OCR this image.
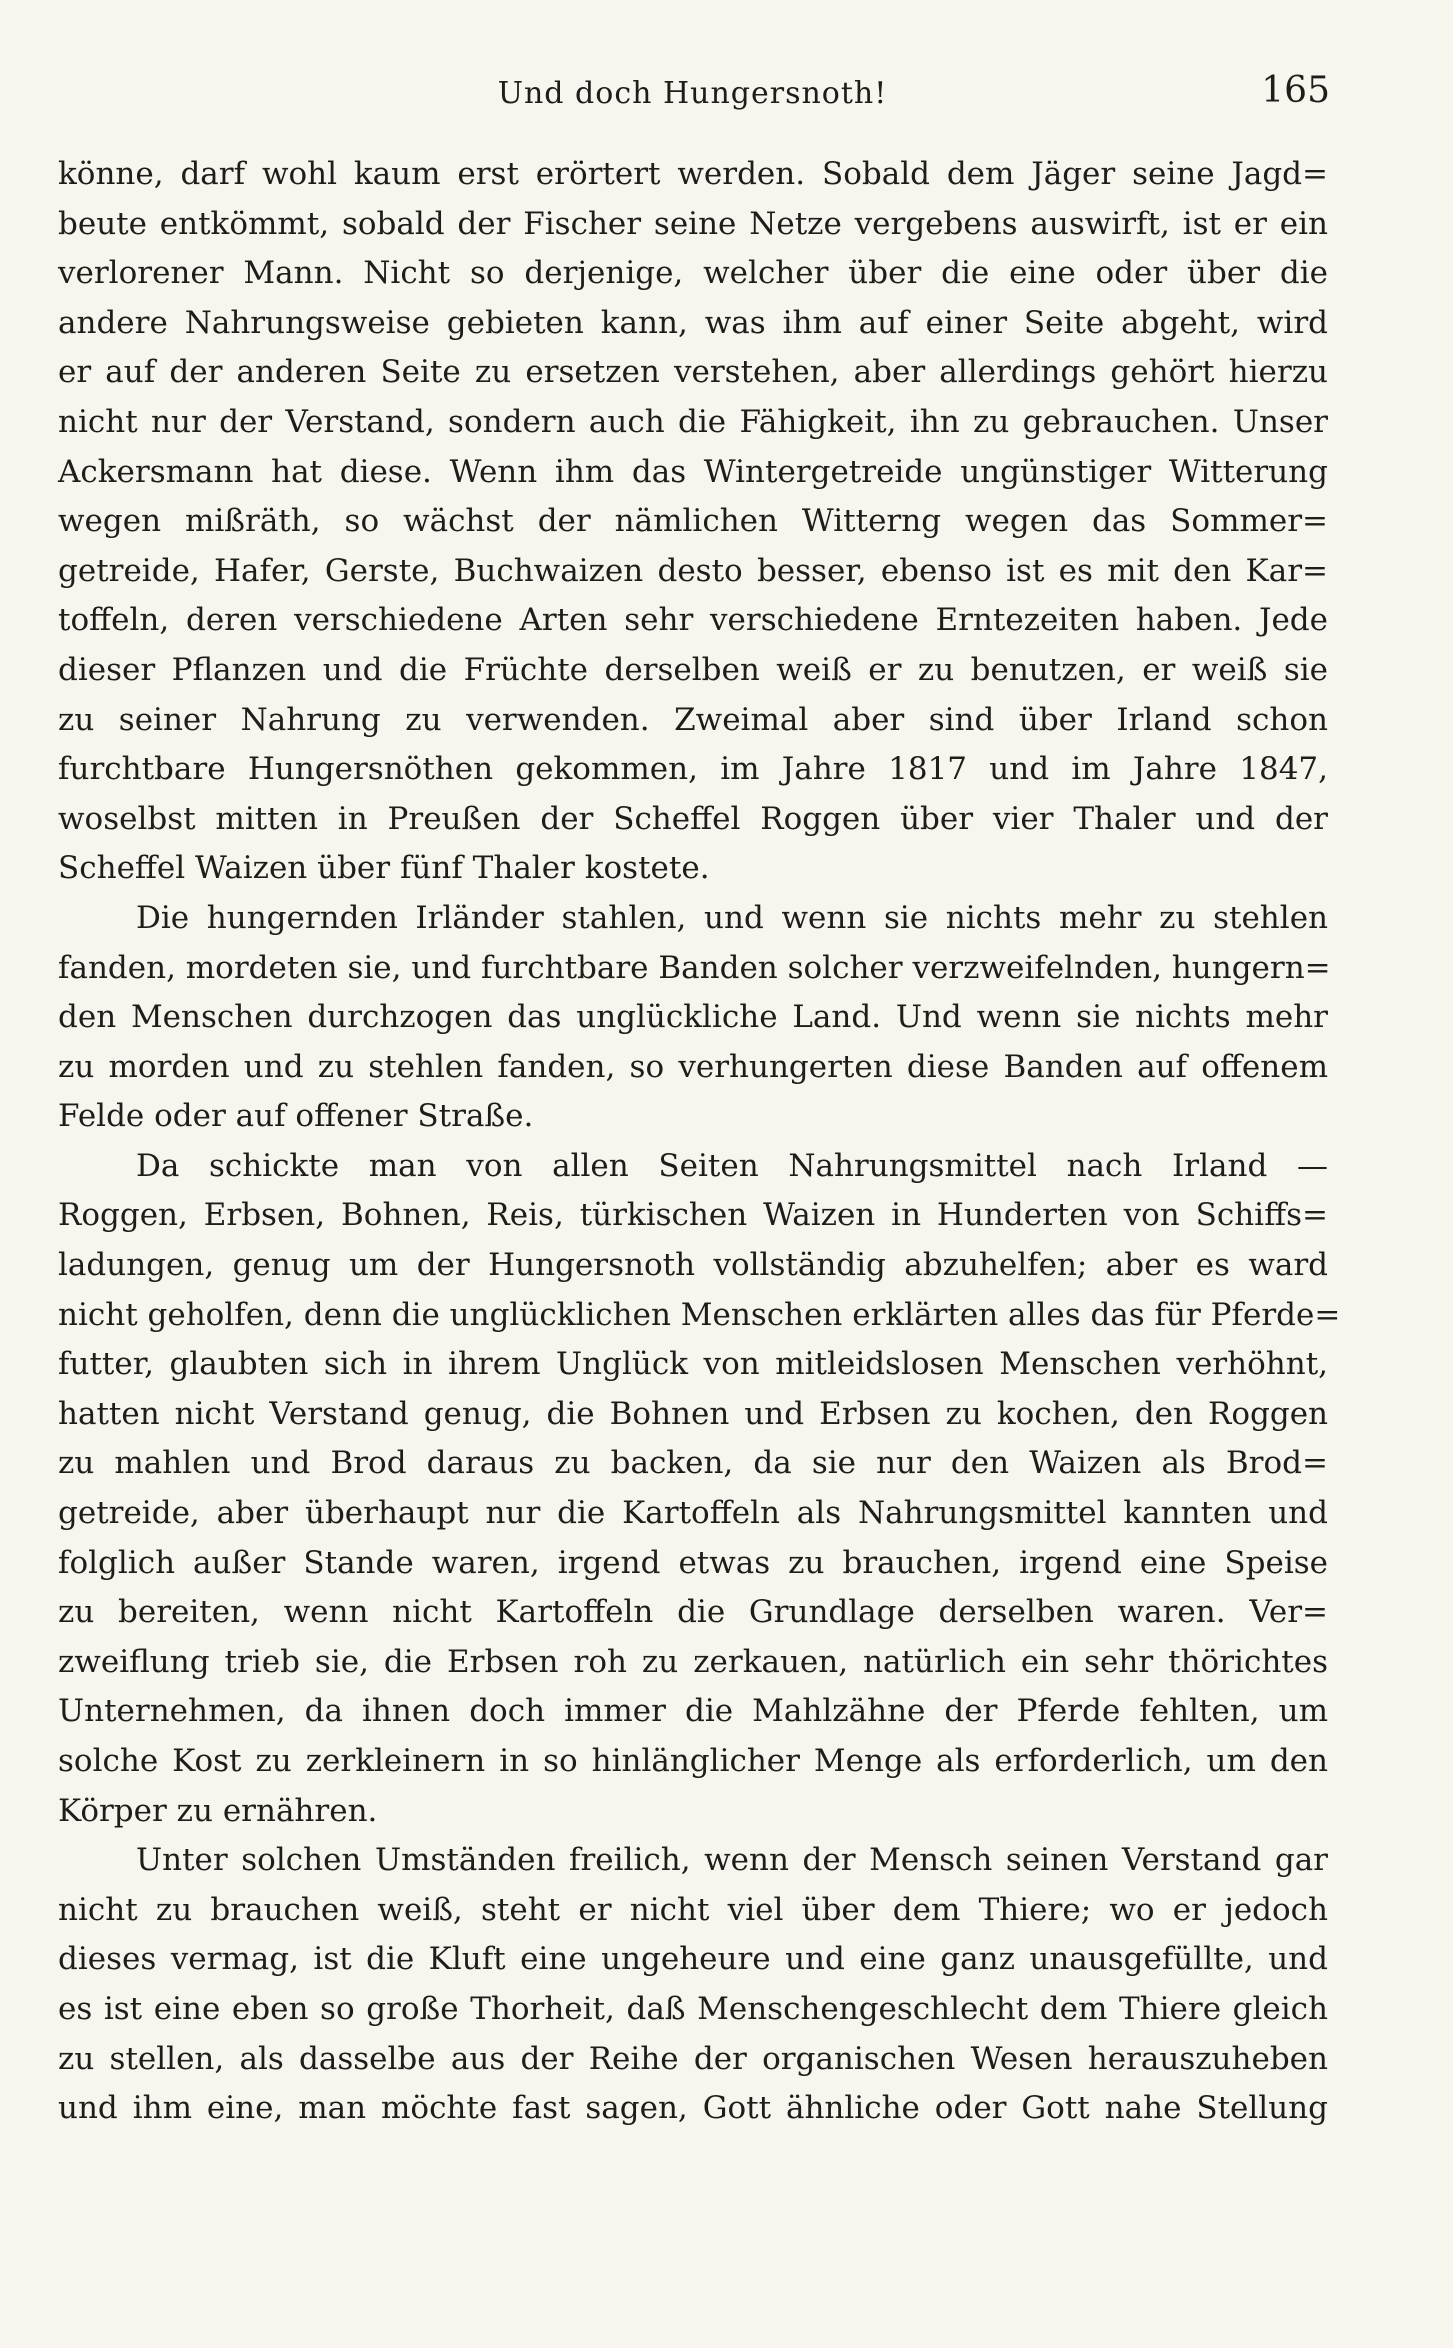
Und doch Hungersnoth!	165
könne, darf wohl kaum erst erörtert werden. Sobald dem Jäger seine Jagd=
beute entkömmt, sobald der Fischer seine Netze vergebens auswirft, ist er ein
verlorener Mann. Nicht so derjenige, welcher über die eine oder über die
andere Nahrungsweise gebieten kann, was ihm auf einer Seite abgeht, wird
er auf der anderen Seite zu ersetzen verstehen, aber allerdings gehört hierzu
nicht nur der Verstand, sondern auch die Fähigkeit, ihn zu gebrauchen. Unser
Ackersmann hat diese. Wenn ihm das Wintergetreide ungünstiger Witterung
wegen mißräth, so wächst der nämlichen Witterng wegen das Sommer=
getreide, Hafer, Gerste, Buchwaizen desto besser, ebenso ist es mit den Kar=
toffeln, deren verschiedene Arten sehr verschiedene Erntezeiten haben. Jede
dieser Pflanzen und die Früchte derselben weiß er zu benutzen, er weiß sie
zu seiner Nahrung zu verwenden. Zweimal aber sind über Irland schon
furchtbare Hungersnöthen gekommen, im Jahre 1817 und im Jahre 1847,
woselbst mitten in Preußen der Scheffel Roggen über vier Thaler und der
Scheffel Waizen über fünf Thaler kostete.
Die hungernden Irländer stahlen, und wenn sie nichts mehr zu stehlen
fanden, mordeten sie, und furchtbare Banden solcher verzweifelnden, hungern=
den Menschen durchzogen das unglückliche Land. Und wenn sie nichts mehr
zu morden und zu stehlen fanden, so verhungerten diese Banden auf offenem
Felde oder auf offener Straße.
Da schickte man von allen Seiten Nahrungsmittel nach Irland —
Roggen, Erbsen, Bohnen, Reis, türkischen Waizen in Hunderten von Schiffs=
ladungen, genug um der Hungersnoth vollständig abzuhelfen; aber es ward
nicht geholfen, denn die unglücklichen Menschen erklärten alles das für Pferde=
futter, glaubten sich in ihrem Unglück von mitleidslosen Menschen verhöhnt,
hatten nicht Verstand genug, die Bohnen und Erbsen zu kochen, den Roggen
zu mahlen und Brod daraus zu backen, da sie nur den Waizen als Brod=
getreide, aber überhaupt nur die Kartoffeln als Nahrungsmittel kannten und
folglich außer Stande waren, irgend etwas zu brauchen, irgend eine Speise
zu bereiten, wenn nicht Kartoffeln die Grundlage derselben waren. Ver=
zweiflung trieb sie, die Erbsen roh zu zerkauen, natürlich ein sehr thörichtes
Unternehmen, da ihnen doch immer die Mahlzähne der Pferde fehlten, um
solche Kost zu zerkleinern in so hinlänglicher Menge als erforderlich, um den
Körper zu ernähren.
Unter solchen Umständen freilich, wenn der Mensch seinen Verstand gar
nicht zu brauchen weiß, steht er nicht viel über dem Thiere; wo er jedoch
dieses vermag, ist die Kluft eine ungeheure und eine ganz unausgefüllte, und
es ist eine eben so große Thorheit, daß Menschengeschlecht dem Thiere gleich
zu stellen, als dasselbe aus der Reihe der organischen Wesen herauszuheben
und ihm eine, man möchte fast sagen, Gott ähnliche oder Gott nahe Stellung
